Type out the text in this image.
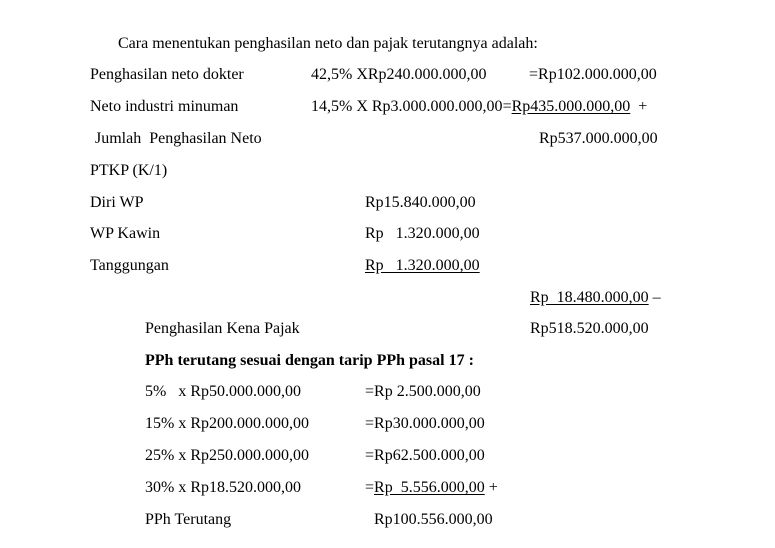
Cara menentukan penghasilan neto dan pajak terutangnya adalah:
Penghasilan neto dokter	42,5% XRp240.000.000,00	=Rp102.000.000,00
Neto industri minuman	14,5% X Rp3.000.000.000,00=Rp435.000.000,00 +
Jumlah  Penghasilan Neto	Rp537.000.000,00
PTKP (K/1)
Diri WP	Rp15.840.000,00
WP Kawin	Rp   1.320.000,00
Tanggungan	Rp   1.320.000,00
Rp  18.480.000,00 –
Penghasilan Kena Pajak	Rp518.520.000,00
PPh terutang sesuai dengan tarip PPh pasal 17 :
5%   x Rp50.000.000,00	=Rp 2.500.000,00
15% x Rp200.000.000,00	=Rp30.000.000,00
25% x Rp250.000.000,00	=Rp62.500.000,00
30% x Rp18.520.000,00	=Rp  5.556.000,00 +
PPh Terutang	Rp100.556.000,00
